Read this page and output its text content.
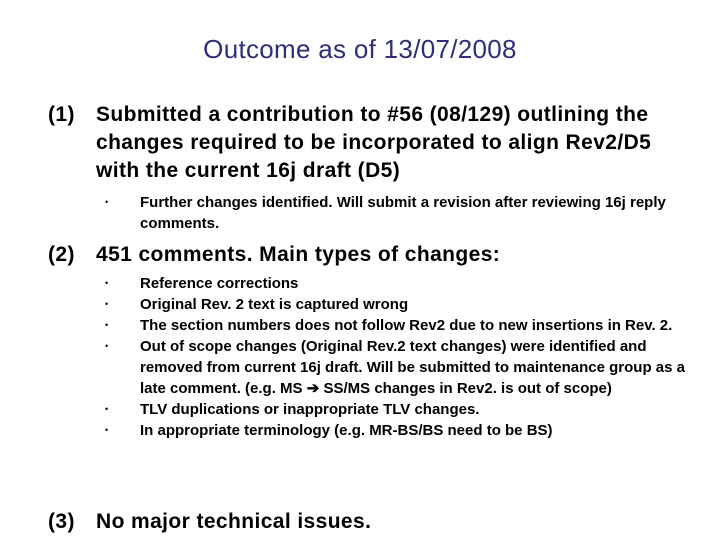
Outcome as of 13/07/2008
(1) Submitted a contribution to #56 (08/129) outlining the changes required to be incorporated to align Rev2/D5 with the current 16j draft (D5)
• Further changes identified. Will submit a revision after reviewing 16j reply comments.
(2) 451 comments. Main types of changes:
• Reference corrections
• Original Rev. 2 text is captured wrong
• The section numbers does not follow Rev2 due to new insertions in Rev. 2.
• Out of scope changes (Original Rev.2 text changes) were identified and removed from current 16j draft. Will be submitted to maintenance group as a late comment. (e.g. MS ➔ SS/MS changes in Rev2. is out of scope)
• TLV duplications or inappropriate TLV changes.
• In appropriate terminology (e.g. MR-BS/BS need to be BS)
(3) No major technical issues.
